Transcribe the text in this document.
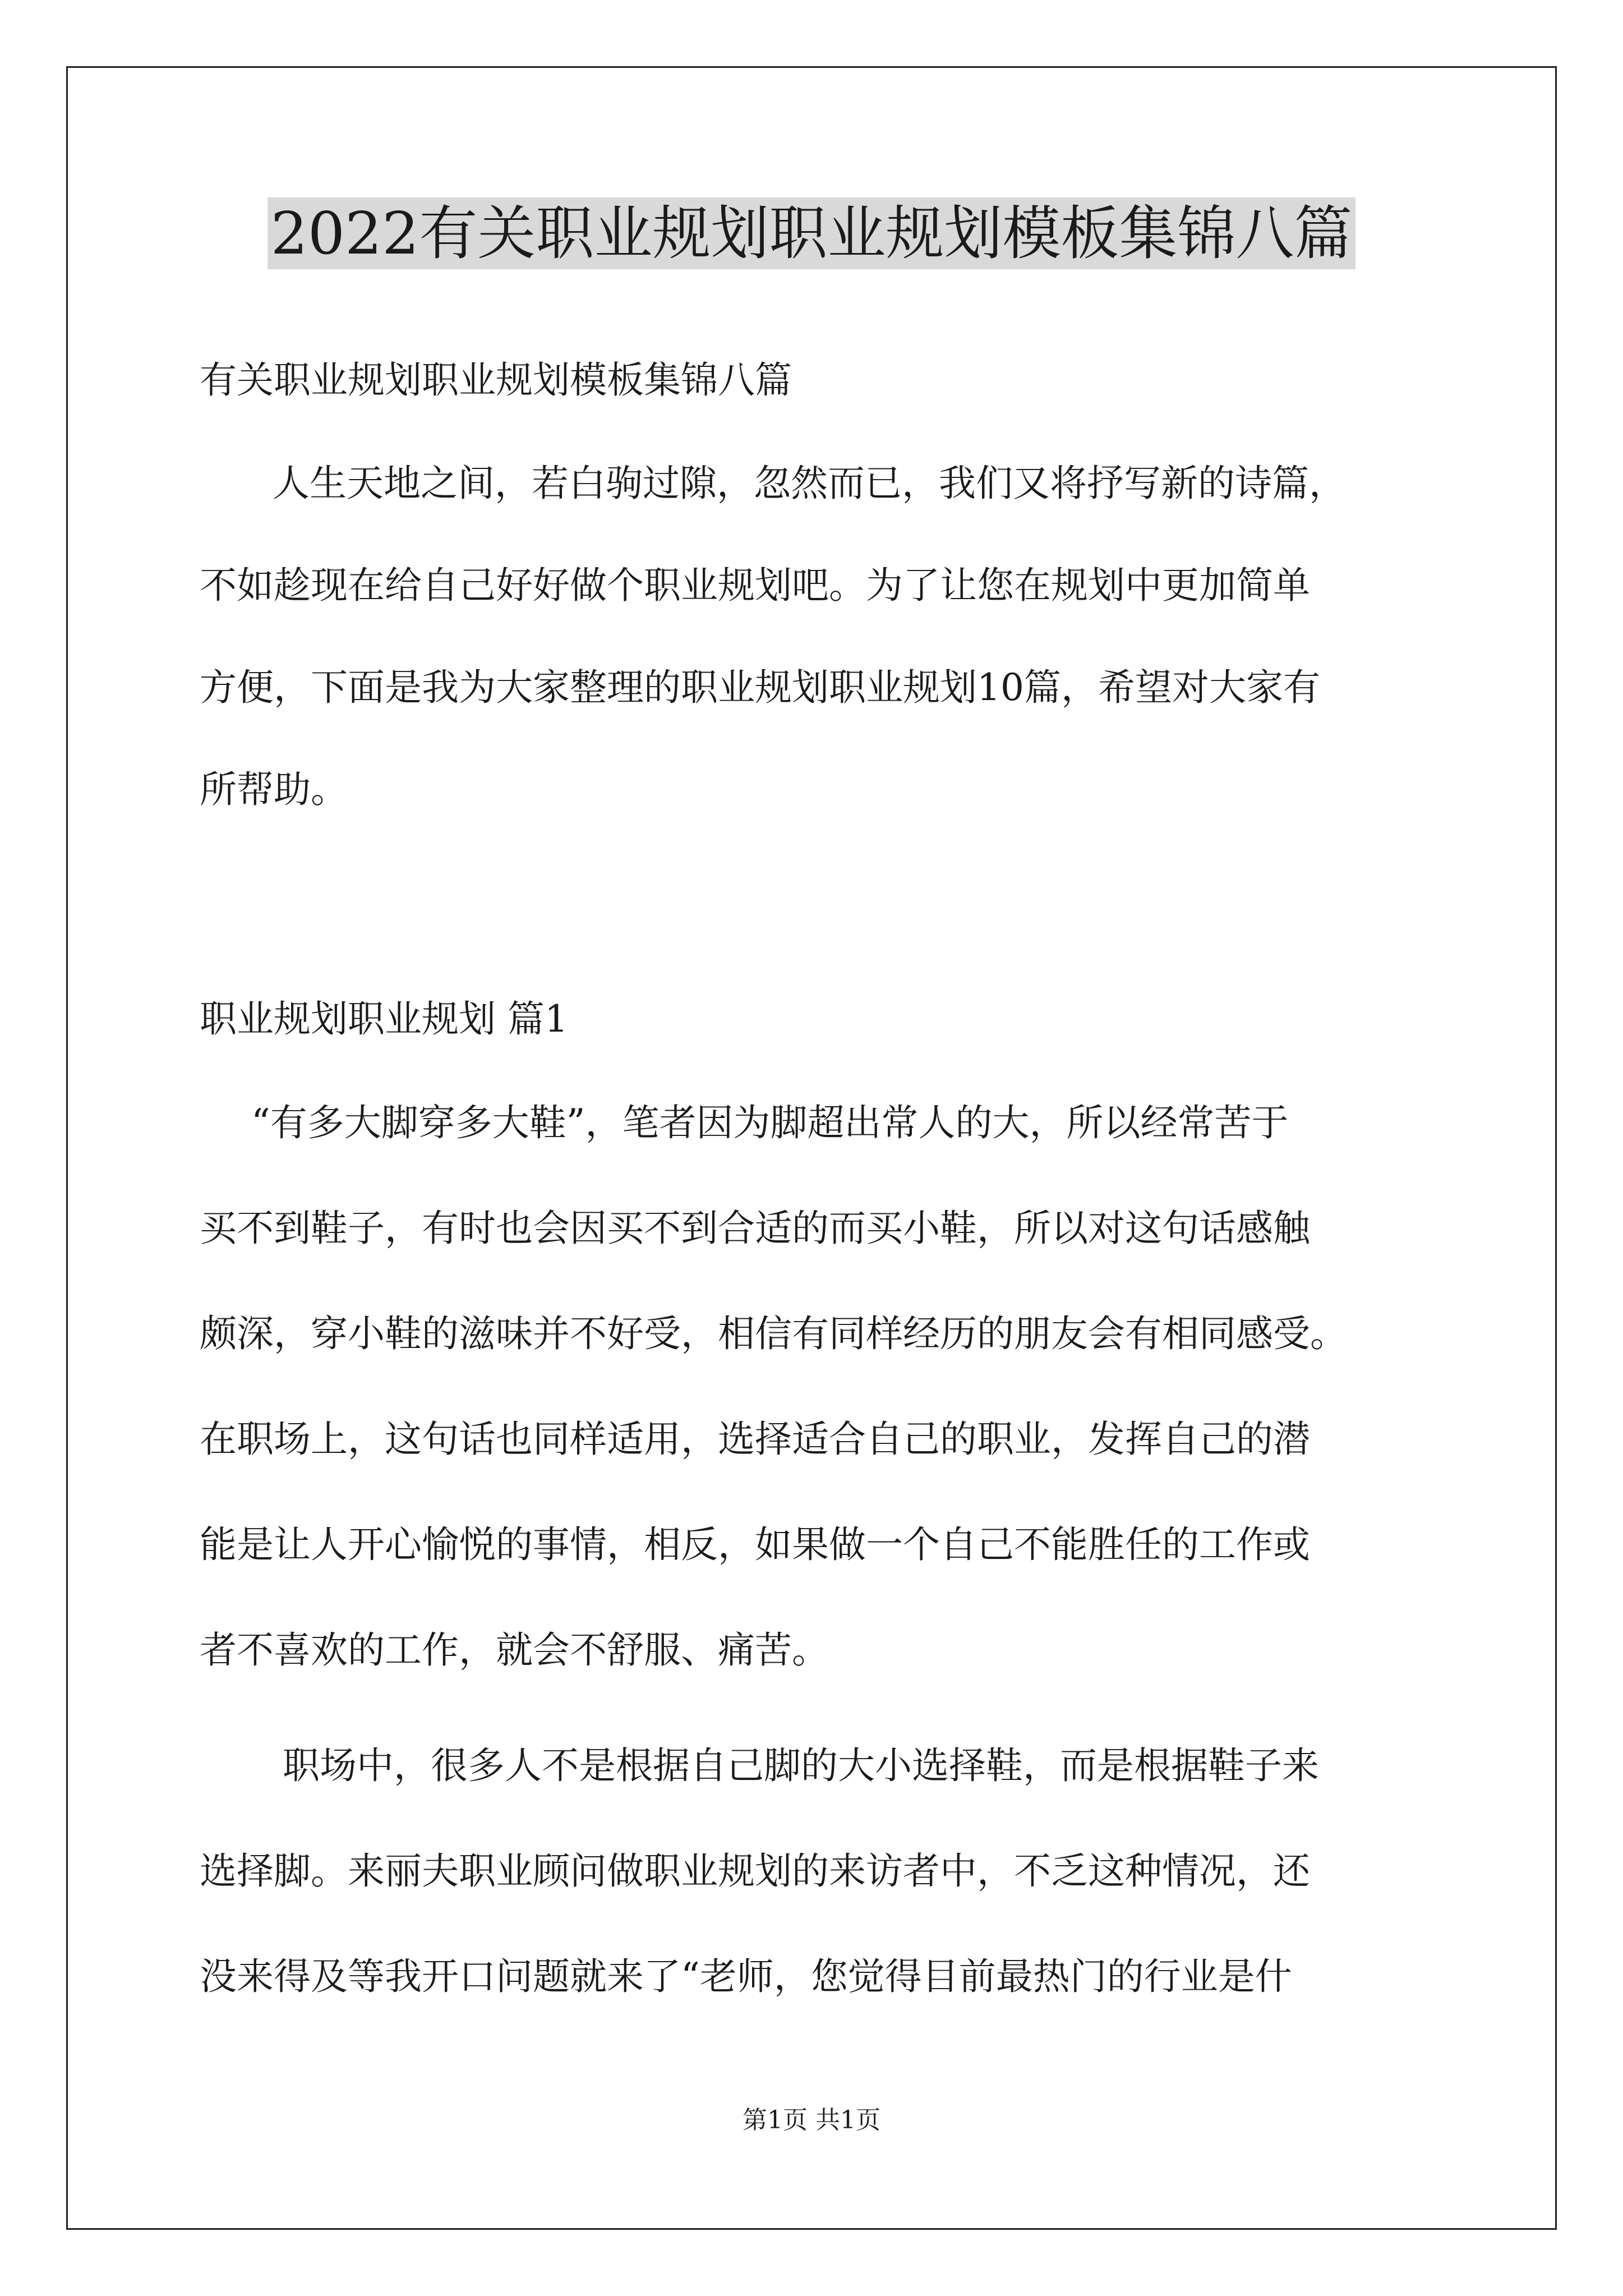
2022有关职业规划职业规划模板集锦八篇
有关职业规划职业规划模板集锦八篇
人生天地之间，若白驹过隙，忽然而已，我们又将抒写新的诗篇，
不如趁现在给自己好好做个职业规划吧。为了让您在规划中更加简单
方便，下面是我为大家整理的职业规划职业规划10篇，希望对大家有
所帮助。
职业规划职业规划 篇1
“有多大脚穿多大鞋”，笔者因为脚超出常人的大，所以经常苦于
买不到鞋子，有时也会因买不到合适的而买小鞋，所以对这句话感触
颇深，穿小鞋的滋味并不好受，相信有同样经历的朋友会有相同感受。
在职场上，这句话也同样适用，选择适合自己的职业，发挥自己的潜
能是让人开心愉悦的事情，相反，如果做一个自己不能胜任的工作或
者不喜欢的工作，就会不舒服、痛苦。
职场中，很多人不是根据自己脚的大小选择鞋，而是根据鞋子来
选择脚。来丽夫职业顾问做职业规划的来访者中，不乏这种情况，还
没来得及等我开口问题就来了“老师，您觉得目前最热门的行业是什
第1页 共1页
